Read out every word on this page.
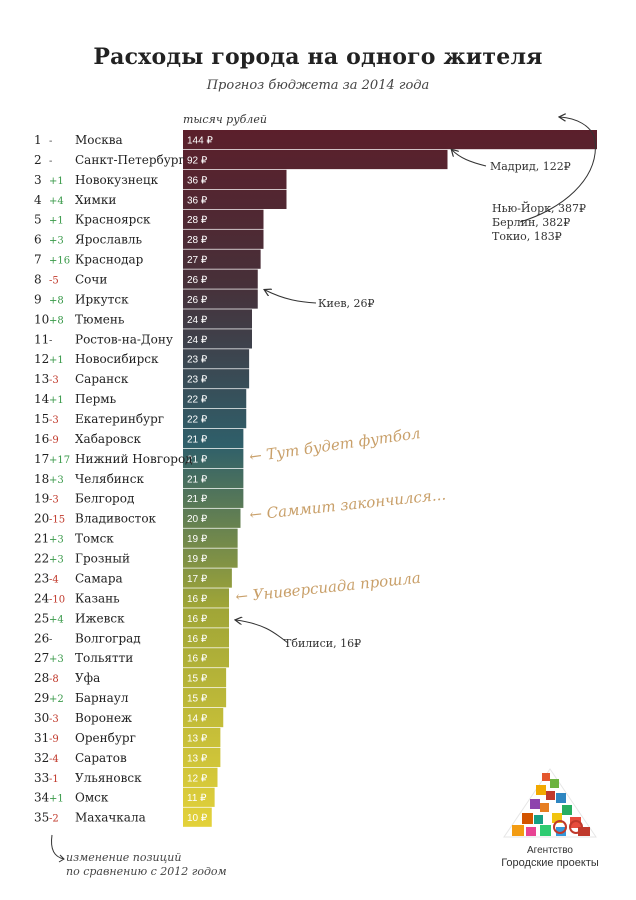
Расходы города на одного жителя
Прогноз бюджета за 2014 года
тысяч рублей
144 ₽
1 - Москва
92 ₽
2 - Санкт-Петербург
36 ₽
3 +1 Новокузнецк
36 ₽
4 +4 Химки
28 ₽
5 +1 Красноярск
28 ₽
6 +3 Ярославль
27 ₽
7 +16 Краснодар
26 ₽
8 -5 Сочи
26 ₽
9 +8 Иркутск
24 ₽
10 +8 Тюмень
24 ₽
11 - Ростов-на-Дону
23 ₽
12 +1 Новосибирск
23 ₽
13 -3 Саранск
22 ₽
14 +1 Пермь
22 ₽
15 -3 Екатеринбург
21 ₽
16 -9 Хабаровск
21 ₽
17 +17 Нижний Новгород
21 ₽
18 +3 Челябинск
21 ₽
19 -3 Белгород
20 ₽
20 -15 Владивосток
19 ₽
21 +3 Томск
19 ₽
22 +3 Грозный
17 ₽
23 -4 Самара
16 ₽
24 -10 Казань
16 ₽
25 +4 Ижевск
16 ₽
26 - Волгоград
16 ₽
27 +3 Тольятти
15 ₽
28 -8 Уфа
15 ₽
29 +2 Барнаул
14 ₽
30 -3 Воронеж
13 ₽
31 -9 Оренбург
13 ₽
32 -4 Саратов
12 ₽
33 -1 Ульяновск
11 ₽
34 +1 Омск
10 ₽
35 -2 Махачкала
Мадрид, 122₽
Нью-Йорк, 387₽
Берлин, 382₽
Токио, 183₽
Киев, 26₽
Тбилиси, 16₽
← Тут будет футбол
← Саммит закончился...
← Универсиада прошла
Агентство
Городские проекты
изменение позиций
по сравнению с 2012 годом
